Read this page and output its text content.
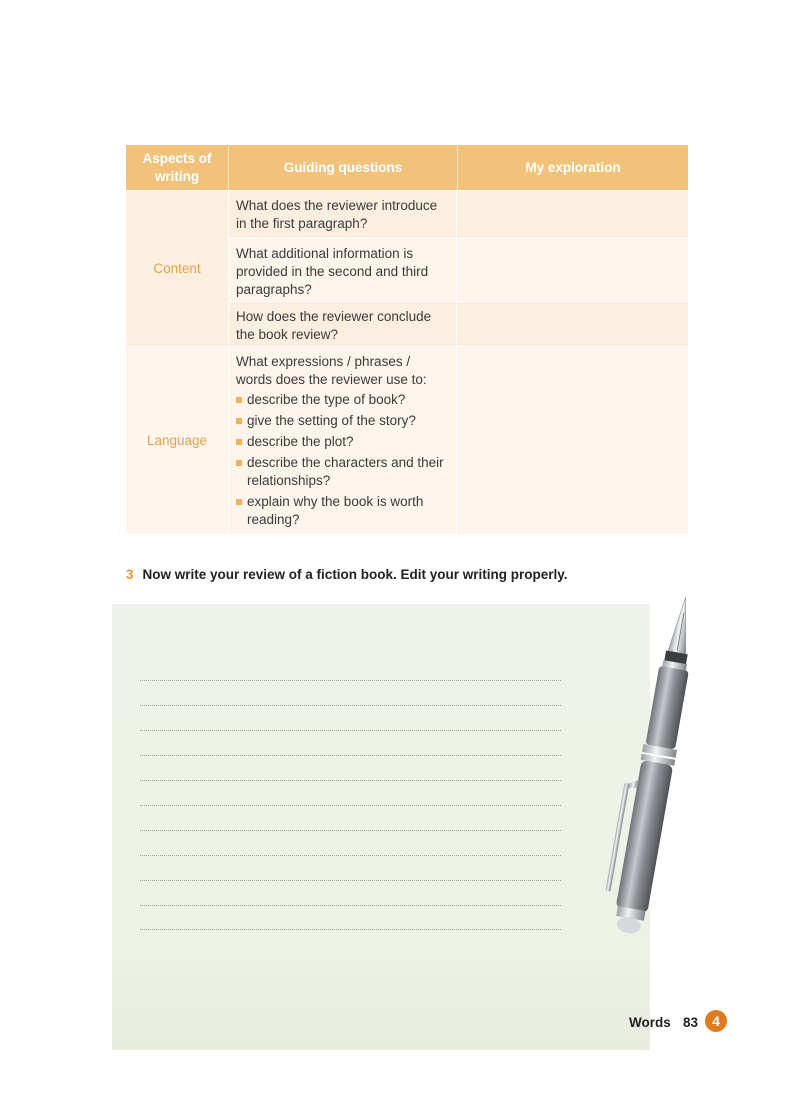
Aspects of writing
Guiding questions	My exploration
Content
What does the reviewer introduce in the first paragraph?
What additional information is provided in the second and third paragraphs?
How does the reviewer conclude the book review?
Language
What expressions / phrases / words does the reviewer use to:
describe the type of book?
give the setting of the story?
describe the plot?
describe the characters and their relationships?
explain why the book is worth reading?
3 Now write your review of a fiction book. Edit your writing properly.
Words 83	4
